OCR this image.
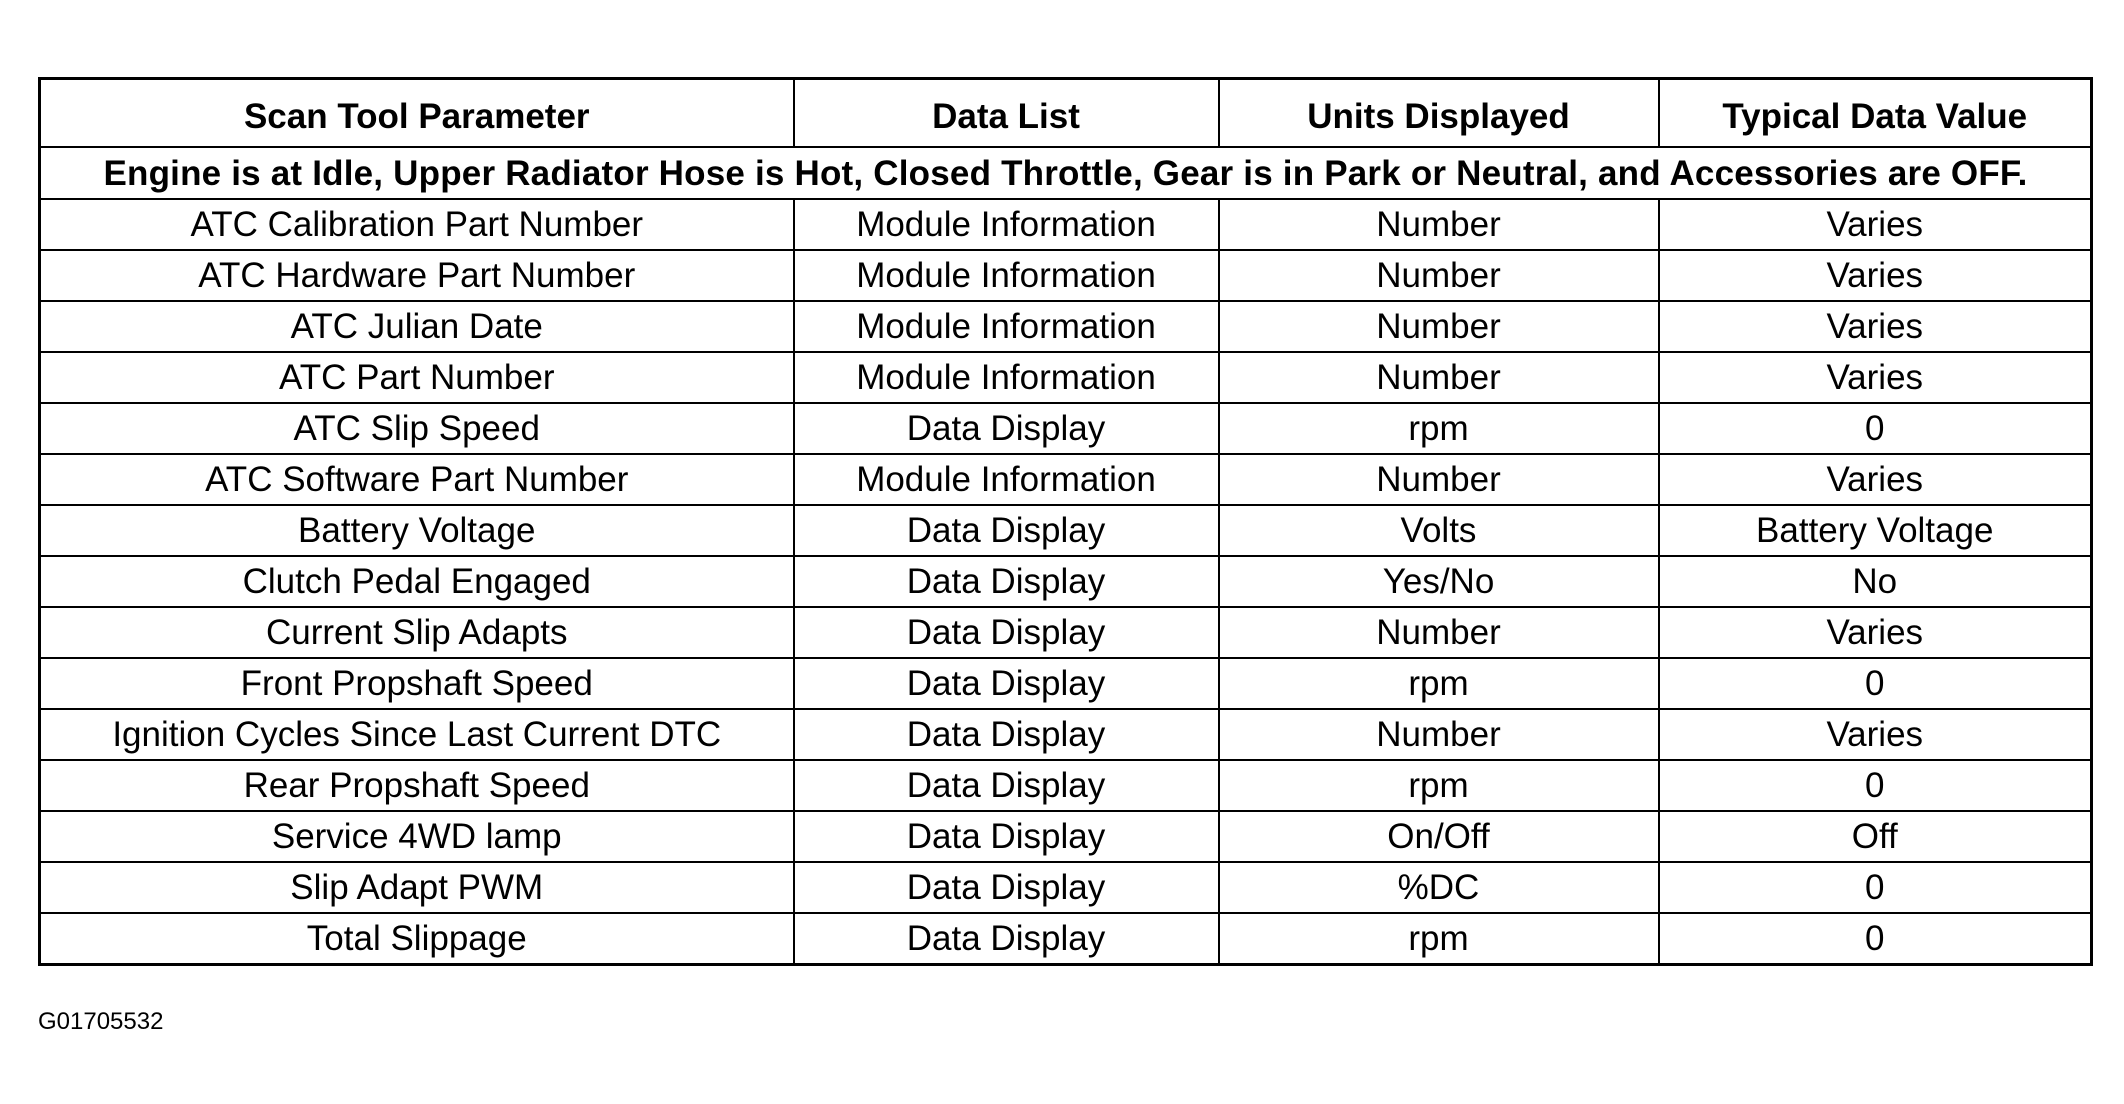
Scan Tool Parameter	Data List	Units Displayed	Typical Data Value
Engine is at Idle, Upper Radiator Hose is Hot, Closed Throttle, Gear is in Park or Neutral, and Accessories are OFF.			
ATC Calibration Part Number	Module Information	Number	Varies
ATC Hardware Part Number	Module Information	Number	Varies
ATC Julian Date	Module Information	Number	Varies
ATC Part Number	Module Information	Number	Varies
ATC Slip Speed	Data Display	rpm	0
ATC Software Part Number	Module Information	Number	Varies
Battery Voltage	Data Display	Volts	Battery Voltage
Clutch Pedal Engaged	Data Display	Yes/No	No
Current Slip Adapts	Data Display	Number	Varies
Front Propshaft Speed	Data Display	rpm	0
Ignition Cycles Since Last Current DTC	Data Display	Number	Varies
Rear Propshaft Speed	Data Display	rpm	0
Service 4WD lamp	Data Display	On/Off	Off
Slip Adapt PWM	Data Display	%DC	0
Total Slippage	Data Display	rpm	0
G01705532
